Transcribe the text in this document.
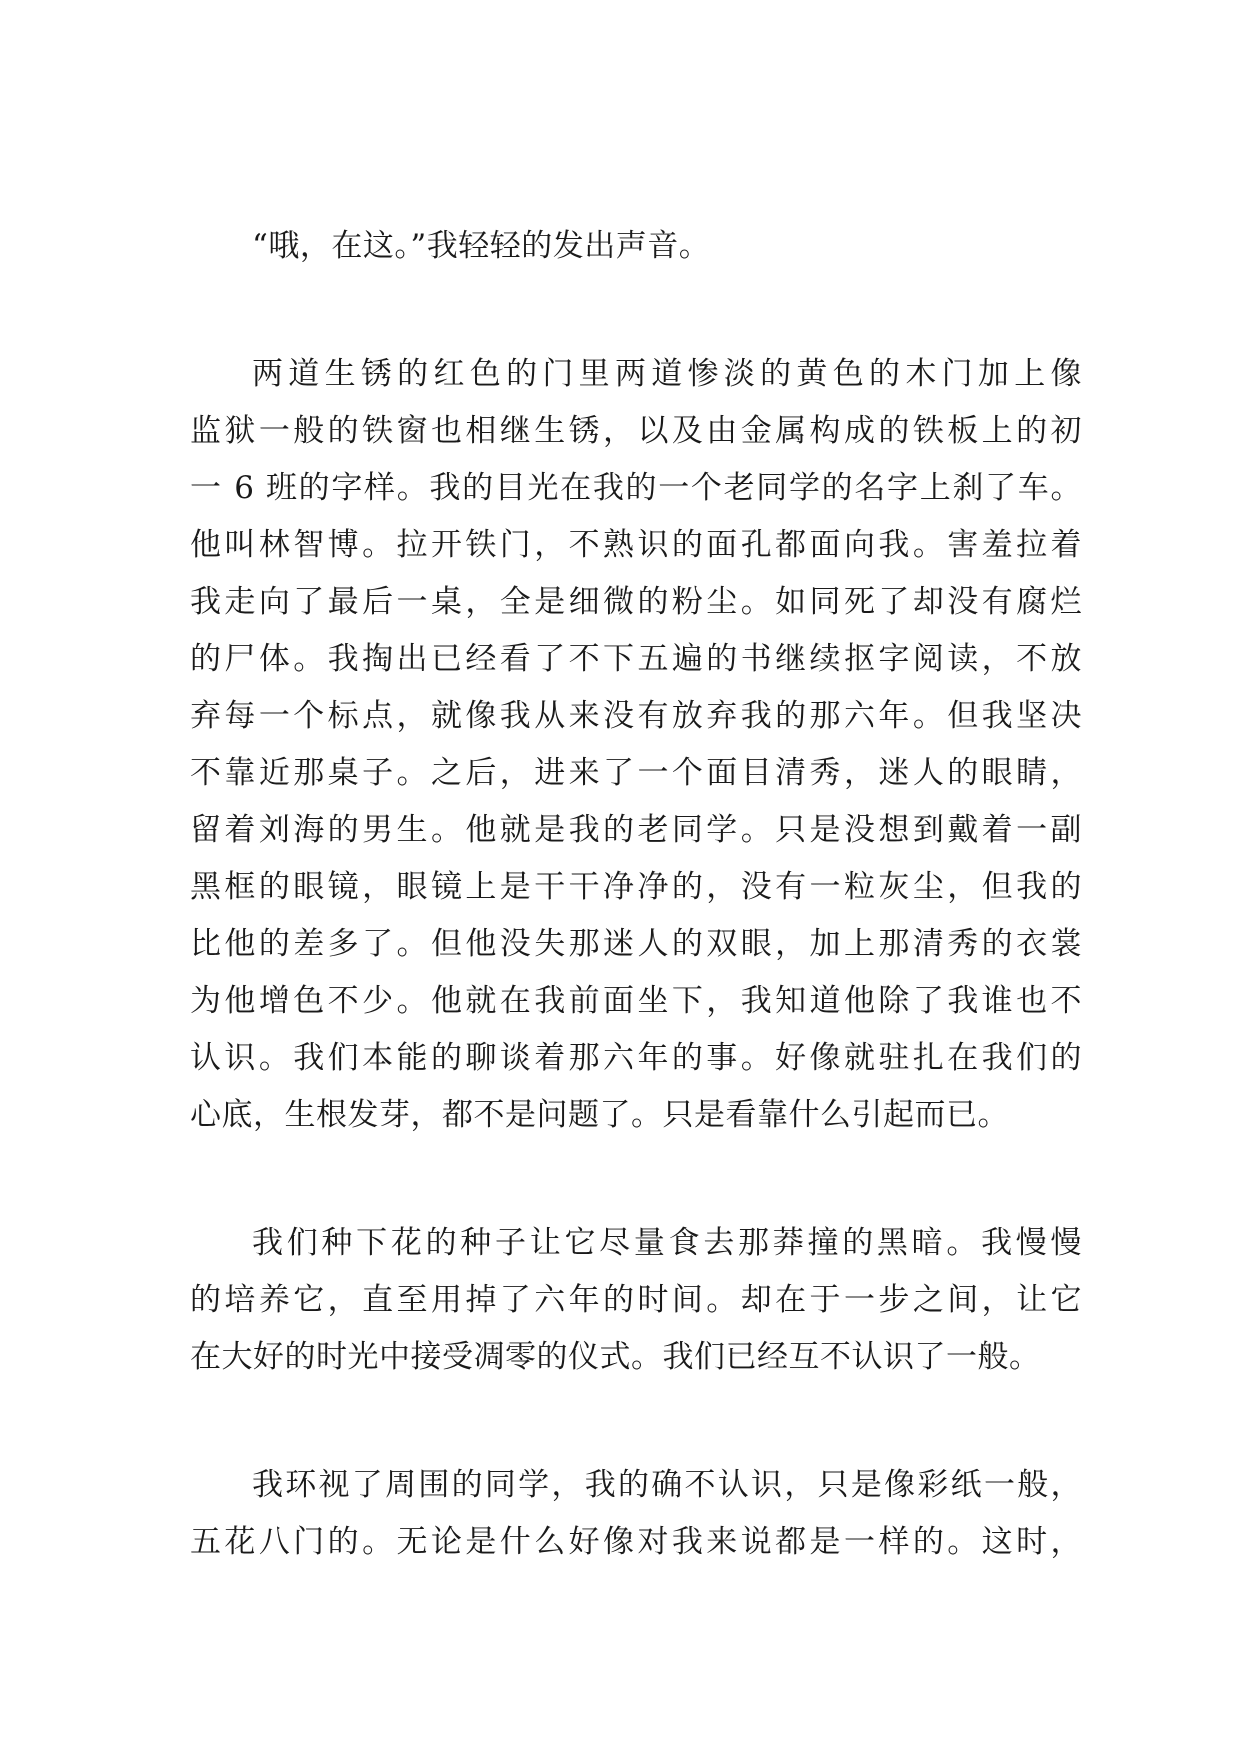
“哦，在这。”我轻轻的发出声音。

两道生锈的红色的门里两道惨淡的黄色的木门加上像
监狱一般的铁窗也相继生锈，以及由金属构成的铁板上的初
一 6 班的字样。我的目光在我的一个老同学的名字上刹了车。
他叫林智博。拉开铁门，不熟识的面孔都面向我。害羞拉着
我走向了最后一桌，全是细微的粉尘。如同死了却没有腐烂
的尸体。我掏出已经看了不下五遍的书继续抠字阅读，不放
弃每一个标点，就像我从来没有放弃我的那六年。但我坚决
不靠近那桌子。之后，进来了一个面目清秀，迷人的眼睛，
留着刘海的男生。他就是我的老同学。只是没想到戴着一副
黑框的眼镜，眼镜上是干干净净的，没有一粒灰尘，但我的
比他的差多了。但他没失那迷人的双眼，加上那清秀的衣裳
为他增色不少。他就在我前面坐下，我知道他除了我谁也不
认识。我们本能的聊谈着那六年的事。好像就驻扎在我们的
心底，生根发芽，都不是问题了。只是看靠什么引起而已。

我们种下花的种子让它尽量食去那莽撞的黑暗。我慢慢
的培养它，直至用掉了六年的时间。却在于一步之间，让它
在大好的时光中接受凋零的仪式。我们已经互不认识了一般。

我环视了周围的同学，我的确不认识，只是像彩纸一般，
五花八门的。无论是什么好像对我来说都是一样的。这时，
